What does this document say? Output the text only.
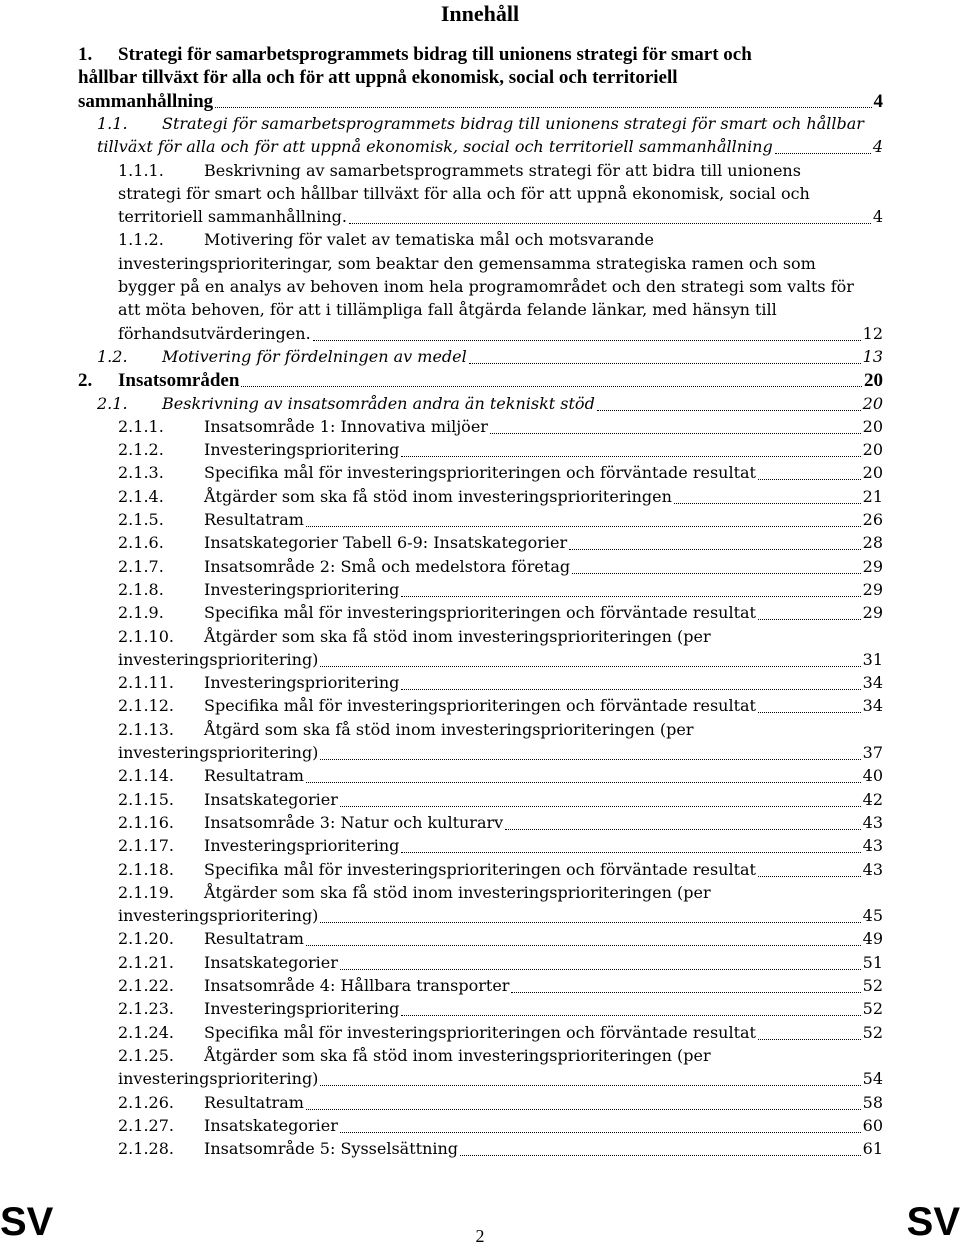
Innehåll
1. Strategi för samarbetsprogrammets bidrag till unionens strategi för smart och
hållbar tillväxt för alla och för att uppnå ekonomisk, social och territoriell
sammanhållning	4
1.1. Strategi för samarbetsprogrammets bidrag till unionens strategi för smart och hållbar
tillväxt för alla och för att uppnå ekonomisk, social och territoriell sammanhållning	4
1.1.1.	Beskrivning av samarbetsprogrammets strategi för att bidra till unionens
strategi för smart och hållbar tillväxt för alla och för att uppnå ekonomisk, social och
territoriell sammanhållning.	4
1.1.2.	Motivering för valet av tematiska mål och motsvarande
investeringsprioriteringar, som beaktar den gemensamma strategiska ramen och som
bygger på en analys av behoven inom hela programområdet och den strategi som valts för
att möta behoven, för att i tillämpliga fall åtgärda felande länkar, med hänsyn till
förhandsutvärderingen.	12
1.2. Motivering för fördelningen av medel	13
2. Insatsområden	20
2.1. Beskrivning av insatsområden andra än tekniskt stöd	20
2.1.1.	Insatsområde 1: Innovativa miljöer	20
2.1.2.	Investeringsprioritering	20
2.1.3.	Specifika mål för investeringsprioriteringen och förväntade resultat	20
2.1.4.	Åtgärder som ska få stöd inom investeringsprioriteringen	21
2.1.5.	Resultatram	26
2.1.6.	Insatskategorier Tabell 6-9: Insatskategorier	28
2.1.7.	Insatsområde 2: Små och medelstora företag	29
2.1.8.	Investeringsprioritering	29
2.1.9.	Specifika mål för investeringsprioriteringen och förväntade resultat	29
2.1.10. Åtgärder som ska få stöd inom investeringsprioriteringen (per
investeringsprioritering)	31
2.1.11. Investeringsprioritering	34
2.1.12. Specifika mål för investeringsprioriteringen och förväntade resultat	34
2.1.13. Åtgärd som ska få stöd inom investeringsprioriteringen (per
investeringsprioritering)	37
2.1.14. Resultatram	40
2.1.15. Insatskategorier	42
2.1.16. Insatsområde 3: Natur och kulturarv	43
2.1.17. Investeringsprioritering	43
2.1.18. Specifika mål för investeringsprioriteringen och förväntade resultat	43
2.1.19. Åtgärder som ska få stöd inom investeringsprioriteringen (per
investeringsprioritering)	45
2.1.20. Resultatram	49
2.1.21. Insatskategorier	51
2.1.22. Insatsområde 4: Hållbara transporter	52
2.1.23. Investeringsprioritering	52
2.1.24. Specifika mål för investeringsprioriteringen och förväntade resultat	52
2.1.25. Åtgärder som ska få stöd inom investeringsprioriteringen (per
investeringsprioritering)	54
2.1.26. Resultatram	58
2.1.27. Insatskategorier	60
2.1.28. Insatsområde 5: Sysselsättning	61
SV	2	SV
